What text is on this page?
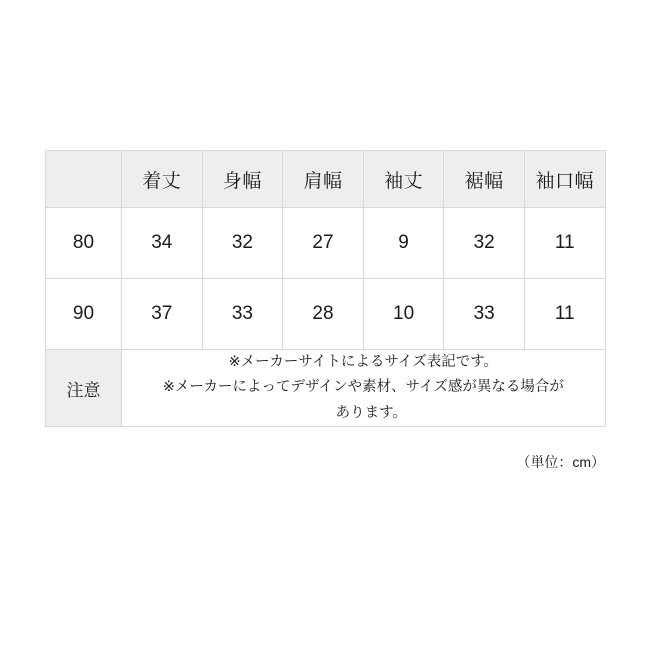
	着丈	身幅	肩幅	袖丈	裾幅	袖口幅
80	34	32	27	9	32	11
90	37	33	28	10	33	11
注意	※メーカーサイトによるサイズ表記です。
※メーカーによってデザインや素材、サイズ感が異なる場合が
あります。					
（単位：cm）
